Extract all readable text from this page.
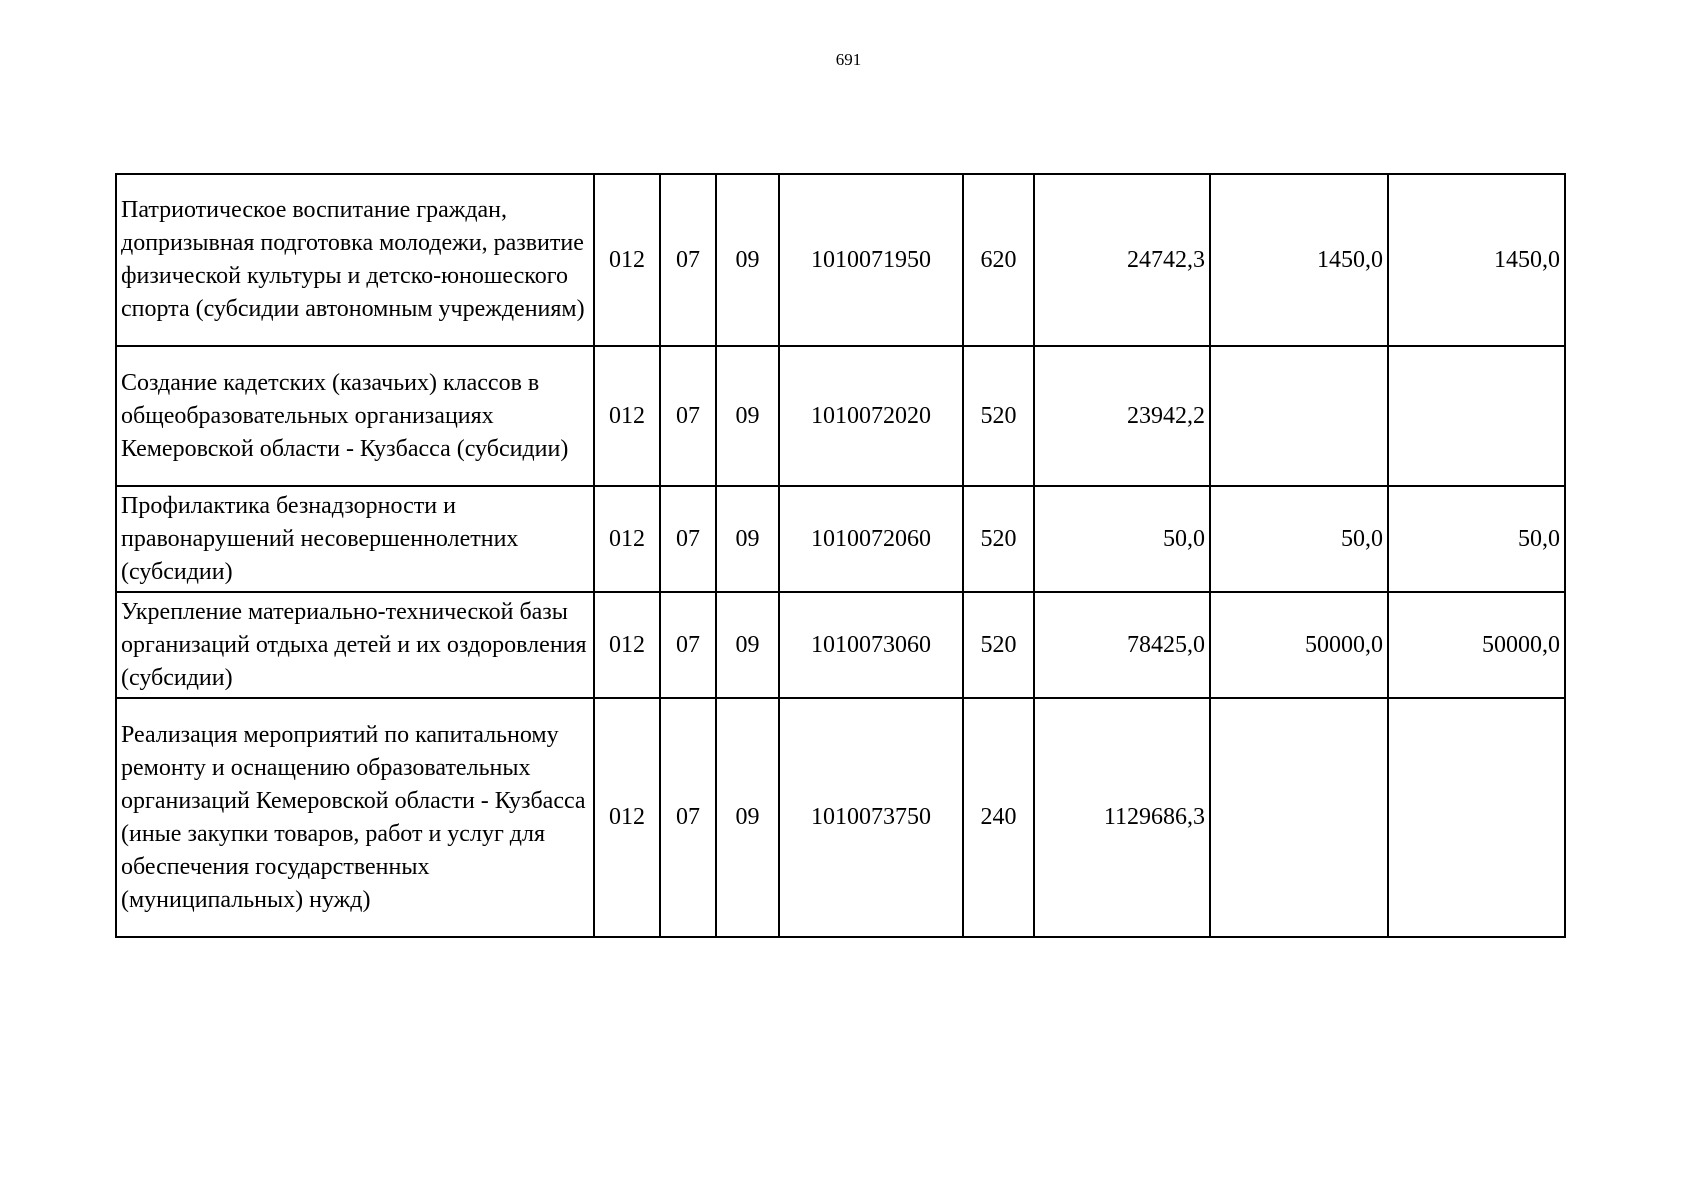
691
Патриотическое воспитание граждан, допризывная подготовка молодежи, развитие физической культуры и детско-юношеского спорта (субсидии автономным учреждениям)	012	07	09	1010071950	620	24742,3	1450,0	1450,0
Создание кадетских (казачьих) классов в общеобразовательных организациях Кемеровской области - Кузбасса (субсидии)	012	07	09	1010072020	520	23942,2		
Профилактика безнадзорности и правонарушений несовершеннолетних (субсидии)	012	07	09	1010072060	520	50,0	50,0	50,0
Укрепление материально-технической базы организаций отдыха детей и их оздоровления (субсидии)	012	07	09	1010073060	520	78425,0	50000,0	50000,0
Реализация мероприятий по капитальному ремонту и оснащению образовательных организаций Кемеровской области - Кузбасса (иные закупки товаров, работ и услуг для обеспечения государственных (муниципальных) нужд)	012	07	09	1010073750	240	1129686,3		
